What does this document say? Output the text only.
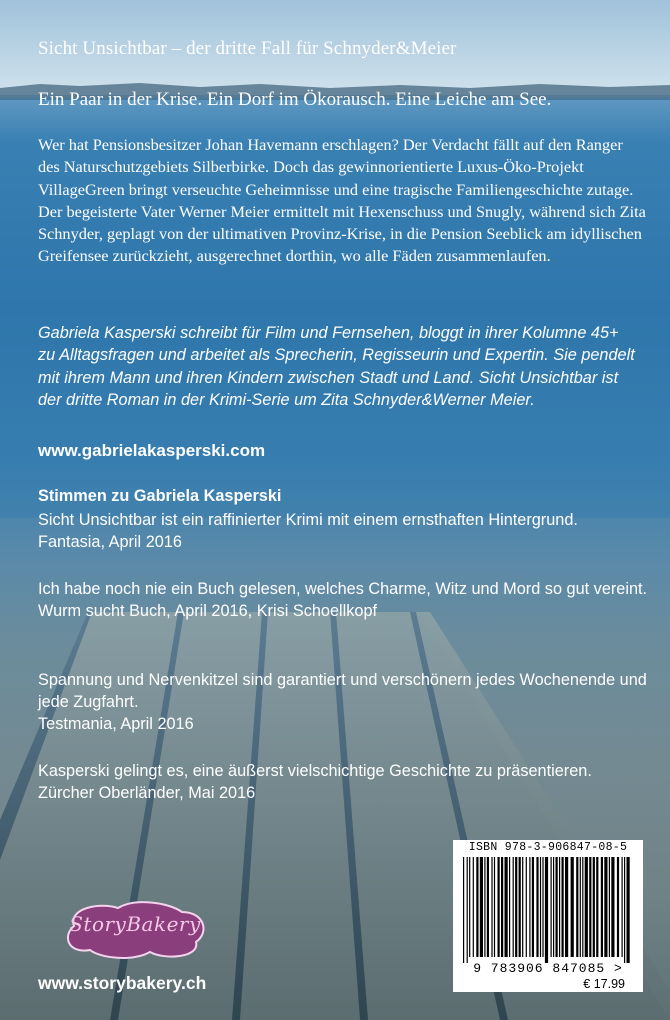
Sicht Unsichtbar – der dritte Fall für Schnyder&Meier
Ein Paar in der Krise. Ein Dorf im Ökorausch. Eine Leiche am See.
Wer hat Pensionsbesitzer Johan Havemann erschlagen? Der Verdacht fällt auf den Ranger des Naturschutzgebiets Silberbirke. Doch das gewinnorientierte Luxus-Öko-Projekt VillageGreen bringt verseuchte Geheimnisse und eine tragische Familiengeschichte zutage. Der begeisterte Vater Werner Meier ermittelt mit Hexenschuss und Snugly, während sich Zita Schnyder, geplagt von der ultimativen Provinz-Krise, in die Pension Seeblick am idyllischen Greifensee zurückzieht, ausgerechnet dorthin, wo alle Fäden zusammenlaufen.
Gabriela Kasperski schreibt für Film und Fernsehen, bloggt in ihrer Kolumne 45+ zu Alltagsfragen und arbeitet als Sprecherin, Regisseurin und Expertin. Sie pendelt mit ihrem Mann und ihren Kindern zwischen Stadt und Land. Sicht Unsichtbar ist der dritte Roman in der Krimi-Serie um Zita Schnyder&Werner Meier.
www.gabrielakasperski.com
Stimmen zu Gabriela Kasperski
Sicht Unsichtbar ist ein raffinierter Krimi mit einem ernsthaften Hintergrund.
Fantasia, April 2016
Ich habe noch nie ein Buch gelesen, welches Charme, Witz und Mord so gut vereint.
Wurm sucht Buch, April 2016, Krisi Schoellkopf
Spannung und Nervenkitzel sind garantiert und verschönern jedes Wochenende und jede Zugfahrt.
Testmania, April 2016
Kasperski gelingt es, eine äußerst vielschichtige Geschichte zu präsentieren.
Zürcher Oberländer, Mai 2016
ISBN 978-3-906847-08-5
9 783906 847085 >
€ 17.99
StoryBakery
www.storybakery.ch
